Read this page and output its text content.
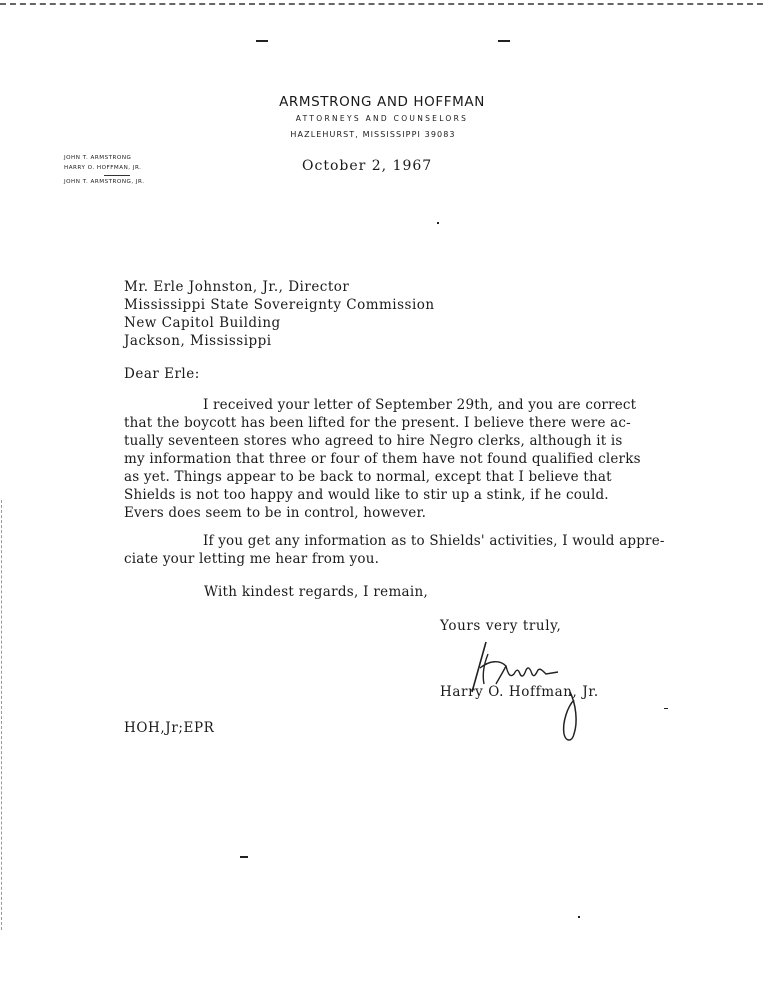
ARMSTRONG AND HOFFMAN
ATTORNEYS AND COUNSELORS
HAZLEHURST, MISSISSIPPI 39083
JOHN T. ARMSTRONG
HARRY O. HOFFMAN, JR.
JOHN T. ARMSTRONG, JR.
October 2, 1967
Mr. Erle Johnston, Jr., Director
Mississippi State Sovereignty Commission
New Capitol Building
Jackson, Mississippi
Dear Erle:
I received your letter of September 29th, and you are correct
that the boycott has been lifted for the present. I believe there were ac-
tually seventeen stores who agreed to hire Negro clerks, although it is
my information that three or four of them have not found qualified clerks
as yet. Things appear to be back to normal, except that I believe that
Shields is not too happy and would like to stir up a stink, if he could.
Evers does seem to be in control, however.
If you get any information as to Shields' activities, I would appre-
ciate your letting me hear from you.
With kindest regards, I remain,
Yours very truly,
Harry O. Hoffman, Jr.
HOH,Jr;EPR
